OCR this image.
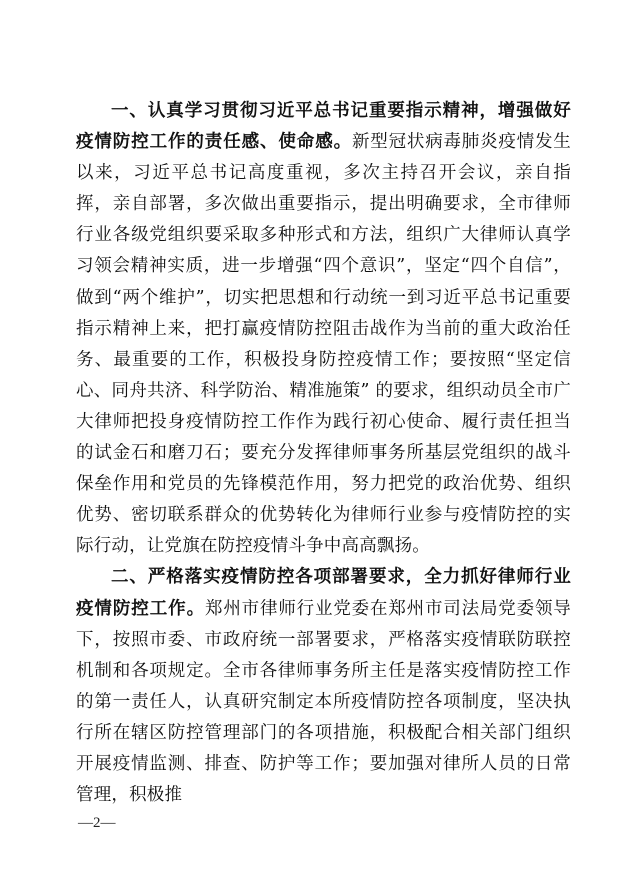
一、认真学习贯彻习近平总书记重要指示精神，增强做好疫情防控工作的责任感、使命感。新型冠状病毒肺炎疫情发生以来，习近平总书记高度重视，多次主持召开会议，亲自指挥，亲自部署，多次做出重要指示，提出明确要求，全市律师行业各级党组织要采取多种形式和方法，组织广大律师认真学习领会精神实质，进一步增强“四个意识”，坚定“四个自信”，做到“两个维护”，切实把思想和行动统一到习近平总书记重要指示精神上来，把打赢疫情防控阻击战作为当前的重大政治任务、最重要的工作，积极投身防控疫情工作；要按照“坚定信心、同舟共济、科学防治、精准施策” 的要求，组织动员全市广大律师把投身疫情防控工作作为践行初心使命、履行责任担当的试金石和磨刀石；要充分发挥律师事务所基层党组织的战斗保垒作用和党员的先锋模范作用，努力把党的政治优势、组织优势、密切联系群众的优势转化为律师行业参与疫情防控的实际行动，让党旗在防控疫情斗争中高高飘扬。

二、严格落实疫情防控各项部署要求，全力抓好律师行业疫情防控工作。郑州市律师行业党委在郑州市司法局党委领导下，按照市委、市政府统一部署要求，严格落实疫情联防联控机制和各项规定。全市各律师事务所主任是落实疫情防控工作的第一责任人，认真研究制定本所疫情防控各项制度，坚决执行所在辖区防控管理部门的各项措施，积极配合相关部门组织开展疫情监测、排查、防护等工作；要加强对律所人员的日常管理，积极推

—2—
